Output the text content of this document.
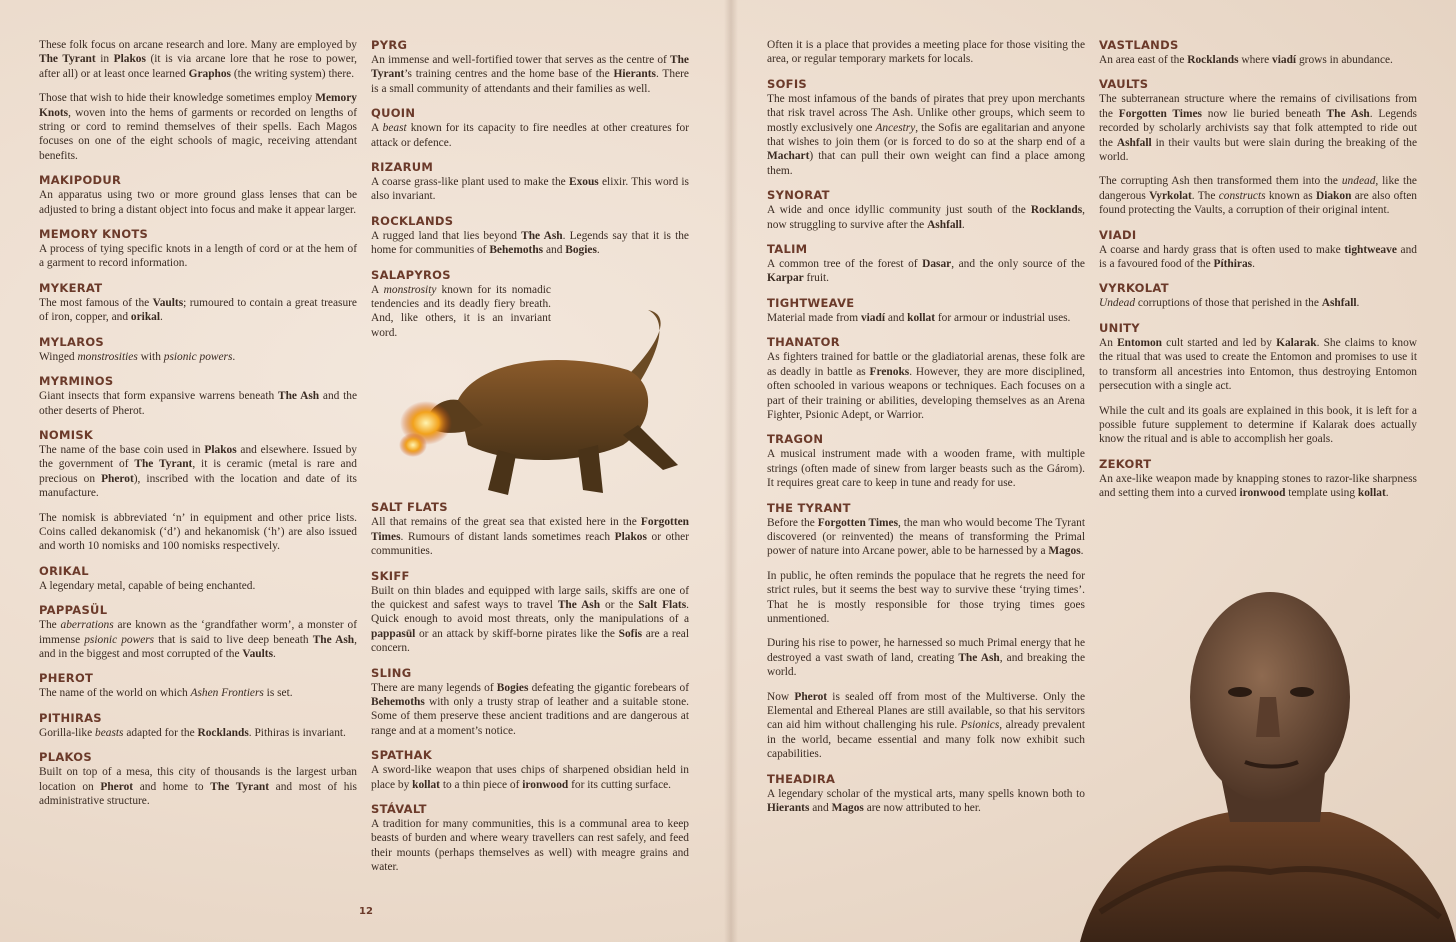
These folk focus on arcane research and lore. Many are employed by The Tyrant in Plakos (it is via arcane lore that he rose to power, after all) or at least once learned Graphos (the writing system) there.

Those that wish to hide their knowledge sometimes employ Memory Knots, woven into the hems of garments or recorded on lengths of string or cord to remind themselves of their spells. Each Magos focuses on one of the eight schools of magic, receiving attendant benefits.

MAKIPODUR

An apparatus using two or more ground glass lenses that can be adjusted to bring a distant object into focus and make it appear larger.

MEMORY KNOTS

A process of tying specific knots in a length of cord or at the hem of a garment to record information.

MYKERAT

The most famous of the Vaults; rumoured to contain a great treasure of iron, copper, and orikal.

MYLAROS

Winged monstrosities with psionic powers.

MYRMINOS

Giant insects that form expansive warrens beneath The Ash and the other deserts of Pherot.

NOMISK

The name of the base coin used in Plakos and elsewhere. Issued by the government of The Tyrant, it is ceramic (metal is rare and precious on Pherot), inscribed with the location and date of its manufacture.

The nomisk is abbreviated ‘n’ in equipment and other price lists. Coins called dekanomisk (‘d’) and hekanomisk (‘h’) are also issued and worth 10 nomisks and 100 nomisks respectively.

ORIKAL

A legendary metal, capable of being enchanted.

PAPPASÜL

The aberrations are known as the ‘grandfather worm’, a monster of immense psionic powers that is said to live deep beneath The Ash, and in the biggest and most corrupted of the Vaults.

PHEROT

The name of the world on which Ashen Frontiers is set.

PITHIRAS

Gorilla-like beasts adapted for the Rocklands. Pithiras is invariant.

PLAKOS

Built on top of a mesa, this city of thousands is the largest urban location on Pherot and home to The Tyrant and most of his administrative structure.

PYRG

An immense and well-fortified tower that serves as the centre of The Tyrant’s training centres and the home base of the Hierants. There is a small community of attendants and their families as well.

QUOIN

A beast known for its capacity to fire needles at other creatures for attack or defence.

RIZARUM

A coarse grass-like plant used to make the Exous elixir. This word is also invariant.

ROCKLANDS

A rugged land that lies beyond The Ash. Legends say that it is the home for communities of Behemoths and Bogies.

SALAPYROS

A monstrosity known for its nomadic tendencies and its deadly fiery breath. And, like others, it is an invariant word.

SALT FLATS

All that remains of the great sea that existed here in the Forgotten Times. Rumours of distant lands sometimes reach Plakos or other communities.

SKIFF

Built on thin blades and equipped with large sails, skiffs are one of the quickest and safest ways to travel The Ash or the Salt Flats. Quick enough to avoid most threats, only the manipulations of a pappasül or an attack by skiff-borne pirates like the Sofis are a real concern.

SLING

There are many legends of Bogies defeating the gigantic forebears of Behemoths with only a trusty strap of leather and a suitable stone. Some of them preserve these ancient traditions and are dangerous at range and at a moment’s notice.

SPATHAK

A sword-like weapon that uses chips of sharpened obsidian held in place by kollat to a thin piece of ironwood for its cutting surface.

STÁVALT

A tradition for many communities, this is a communal area to keep beasts of burden and where weary travellers can rest safely, and feed their mounts (perhaps themselves as well) with meagre grains and water.

Often it is a place that provides a meeting place for those visiting the area, or regular temporary markets for locals.

SOFIS

The most infamous of the bands of pirates that prey upon merchants that risk travel across The Ash. Unlike other groups, which seem to mostly exclusively one Ancestry, the Sofis are egalitarian and anyone that wishes to join them (or is forced to do so at the sharp end of a Machart) that can pull their own weight can find a place among them.

SYNORAT

A wide and once idyllic community just south of the Rocklands, now struggling to survive after the Ashfall.

TALIM

A common tree of the forest of Dasar, and the only source of the Karpar fruit.

TIGHTWEAVE

Material made from viadí and kollat for armour or industrial uses.

THANATOR

As fighters trained for battle or the gladiatorial arenas, these folk are as deadly in battle as Frenoks. However, they are more disciplined, often schooled in various weapons or techniques. Each focuses on a part of their training or abilities, developing themselves as an Arena Fighter, Psionic Adept, or Warrior.

TRAGON

A musical instrument made with a wooden frame, with multiple strings (often made of sinew from larger beasts such as the Gárom). It requires great care to keep in tune and ready for use.

THE TYRANT

Before the Forgotten Times, the man who would become The Tyrant discovered (or reinvented) the means of transforming the Primal power of nature into Arcane power, able to be harnessed by a Magos.

In public, he often reminds the populace that he regrets the need for strict rules, but it seems the best way to survive these ‘trying times’. That he is mostly responsible for those trying times goes unmentioned.

During his rise to power, he harnessed so much Primal energy that he destroyed a vast swath of land, creating The Ash, and breaking the world.

Now Pherot is sealed off from most of the Multiverse. Only the Elemental and Ethereal Planes are still available, so that his servitors can aid him without challenging his rule. Psionics, already prevalent in the world, became essential and many folk now exhibit such capabilities.

THEADIRA

A legendary scholar of the mystical arts, many spells known both to Hierants and Magos are now attributed to her.

VASTLANDS

An area east of the Rocklands where viadí grows in abundance.

VAULTS

The subterranean structure where the remains of civilisations from the Forgotten Times now lie buried beneath The Ash. Legends recorded by scholarly archivists say that folk attempted to ride out the Ashfall in their vaults but were slain during the breaking of the world.

The corrupting Ash then transformed them into the undead, like the dangerous Vyrkolat. The constructs known as Diakon are also often found protecting the Vaults, a corruption of their original intent.

VIADI

A coarse and hardy grass that is often used to make tightweave and is a favoured food of the Píthiras.

VYRKOLAT

Undead corruptions of those that perished in the Ashfall.

UNITY

An Entomon cult started and led by Kalarak. She claims to know the ritual that was used to create the Entomon and promises to use it to transform all ancestries into Entomon, thus destroying Entomon persecution with a single act.

While the cult and its goals are explained in this book, it is left for a possible future supplement to determine if Kalarak does actually know the ritual and is able to accomplish her goals.

ZEKORT

An axe-like weapon made by knapping stones to razor-like sharpness and setting them into a curved ironwood template using kollat.

12
